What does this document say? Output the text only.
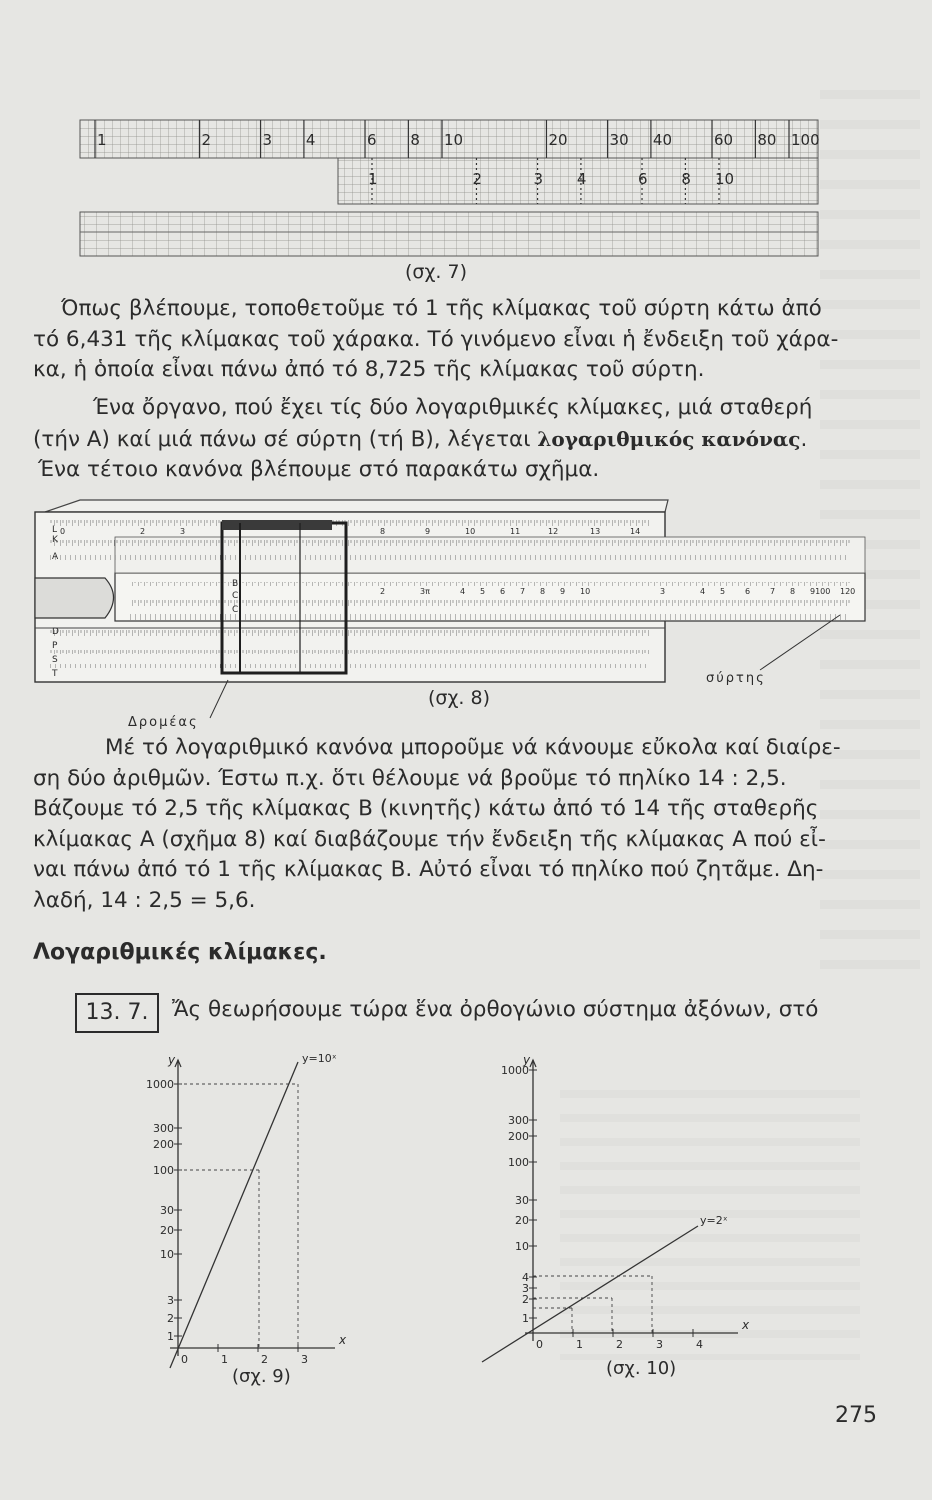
1	2	3 4	6 8 10	20	30 40	60 80 100
1	2	3 4	6 8 10
(σχ. 7)
Όπως βλέπουμε, τοποθετοῦμε τό 1 τῆς κλίμακας τοῦ σύρτη κάτω ἀπό
τό 6,431 τῆς κλίμακας τοῦ χάρακα. Τό γινόμενο εἶναι ἡ ἔνδειξη τοῦ χάρα-
κα, ἡ ὁποία εἶναι πάνω ἀπό τό 8,725 τῆς κλίμακας τοῦ σύρτη.
Ένα ὄργανο, πού ἔχει τίς δύο λογαριθμικές κλίμακες, μιά σταθερή
(τήν Α) καί μιά πάνω σέ σύρτη (τή Β), λέγεται λογαριθμικός κανόνας.
Ένα τέτοιο κανόνα βλέπουμε στό παρακάτω σχῆμα.
0	2	3	8	9	10	11	12	13	14
2	3π	4 5 6 7 8 9 10	3	4 5 6 7 8 9100 120
L
K
A
B
CI
C
D
P
S
T
Δρομέας
σύρτης
(σχ. 8)
Μέ τό λογαριθμικό κανόνα μποροῦμε νά κάνουμε εὔκολα καί διαίρε-
ση δύο ἀριθμῶν. Έστω π.χ. ὅτι θέλουμε νά βροῦμε τό πηλίκο 14 : 2,5.
Βάζουμε τό 2,5 τῆς κλίμακας Β (κινητῆς) κάτω ἀπό τό 14 τῆς σταθερῆς
κλίμακας Α (σχῆμα 8) καί διαβάζουμε τήν ἔνδειξη τῆς κλίμακας Α πού εἶ-
ναι πάνω ἀπό τό 1 τῆς κλίμακας Β. Αὐτό εἶναι τό πηλίκο πού ζητᾶμε. Δη-
λαδή, 14 : 2,5 = 5,6.
Λογαριθμικές κλίμακες.
13. 7.	Ἄς θεωρήσουμε τώρα ἕνα ὀρθογώνιο σύστημα ἀξόνων, στό
y
x
1000
300
200
100
30
20
10
3
2
1
0	1	2	3
y=10ˣ
(σχ. 9)
y
x
1000
300
200
100
30
20
10
4
3
2
1
0	1	2	3	4
y=2ˣ
(σχ. 10)
275
